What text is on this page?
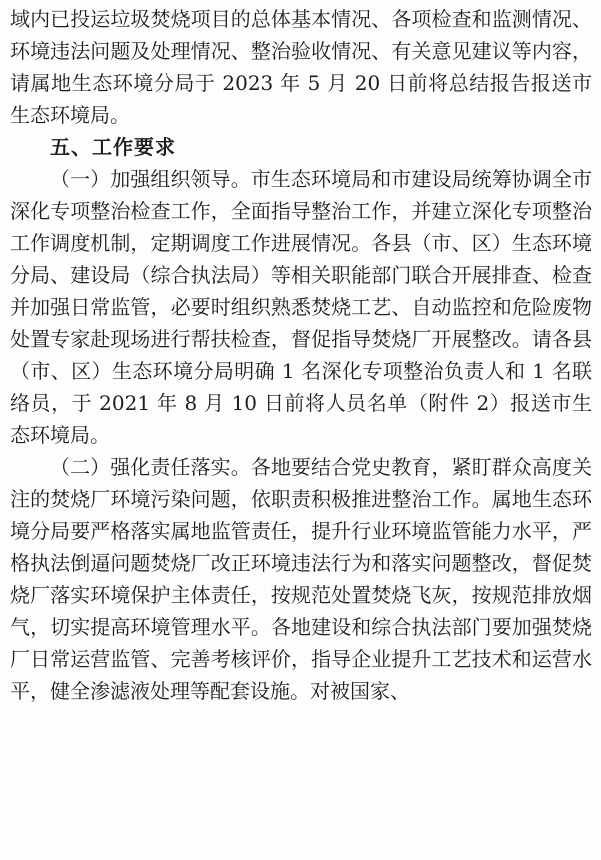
域内已投运垃圾焚烧项目的总体基本情况、各项检查和监测情况、环境违法问题及处理情况、整治验收情况、有关意见建议等内容，请属地生态环境分局于 2023 年 5 月 20 日前将总结报告报送市生态环境局。

五、工作要求

（一）加强组织领导。市生态环境局和市建设局统筹协调全市深化专项整治检查工作，全面指导整治工作，并建立深化专项整治工作调度机制，定期调度工作进展情况。各县（市、区）生态环境分局、建设局（综合执法局）等相关职能部门联合开展排查、检查并加强日常监管，必要时组织熟悉焚烧工艺、自动监控和危险废物处置专家赴现场进行帮扶检查，督促指导焚烧厂开展整改。请各县（市、区）生态环境分局明确 1 名深化专项整治负责人和 1 名联络员，于 2021 年 8 月 10 日前将人员名单（附件 2）报送市生态环境局。

（二）强化责任落实。各地要结合党史教育，紧盯群众高度关注的焚烧厂环境污染问题，依职责积极推进整治工作。属地生态环境分局要严格落实属地监管责任，提升行业环境监管能力水平，严格执法倒逼问题焚烧厂改正环境违法行为和落实问题整改，督促焚烧厂落实环境保护主体责任，按规范处置焚烧飞灰，按规范排放烟气，切实提高环境管理水平。各地建设和综合执法部门要加强焚烧厂日常运营监管、完善考核评价，指导企业提升工艺技术和运营水平，健全渗滤液处理等配套设施。对被国家、
